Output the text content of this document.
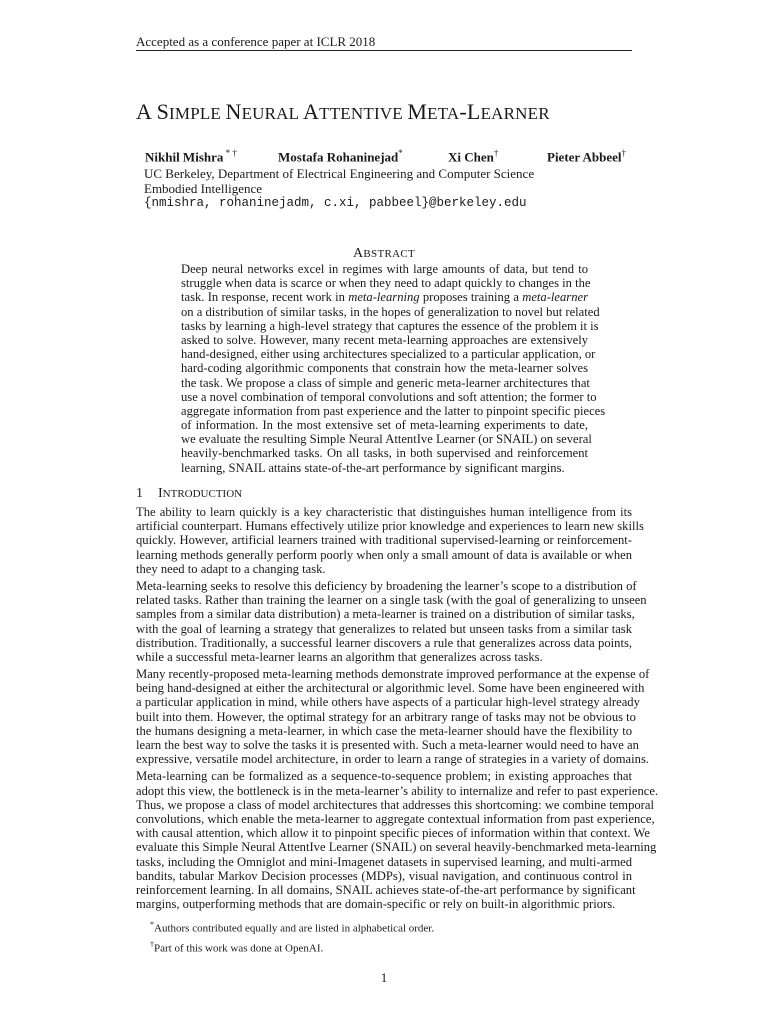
Accepted as a conference paper at ICLR 2018
A SIMPLE NEURAL ATTENTIVE META-LEARNER
Nikhil Mishra * †	Mostafa Rohaninejad*	Xi Chen†	Pieter Abbeel†
UC Berkeley, Department of Electrical Engineering and Computer Science
Embodied Intelligence
{nmishra, rohaninejadm, c.xi, pabbeel}@berkeley.edu
ABSTRACT
Deep neural networks excel in regimes with large amounts of data, but tend to
struggle when data is scarce or when they need to adapt quickly to changes in the
task. In response, recent work in meta-learning proposes training a meta-learner
on a distribution of similar tasks, in the hopes of generalization to novel but related
tasks by learning a high-level strategy that captures the essence of the problem it is
asked to solve. However, many recent meta-learning approaches are extensively
hand-designed, either using architectures specialized to a particular application, or
hard-coding algorithmic components that constrain how the meta-learner solves
the task. We propose a class of simple and generic meta-learner architectures that
use a novel combination of temporal convolutions and soft attention; the former to
aggregate information from past experience and the latter to pinpoint specific pieces
of information. In the most extensive set of meta-learning experiments to date,
we evaluate the resulting Simple Neural AttentIve Learner (or SNAIL) on several
heavily-benchmarked tasks. On all tasks, in both supervised and reinforcement
learning, SNAIL attains state-of-the-art performance by significant margins.
1 INTRODUCTION
The ability to learn quickly is a key characteristic that distinguishes human intelligence from its
artificial counterpart. Humans effectively utilize prior knowledge and experiences to learn new skills
quickly. However, artificial learners trained with traditional supervised-learning or reinforcement-
learning methods generally perform poorly when only a small amount of data is available or when
they need to adapt to a changing task.
Meta-learning seeks to resolve this deficiency by broadening the learner’s scope to a distribution of
related tasks. Rather than training the learner on a single task (with the goal of generalizing to unseen
samples from a similar data distribution) a meta-learner is trained on a distribution of similar tasks,
with the goal of learning a strategy that generalizes to related but unseen tasks from a similar task
distribution. Traditionally, a successful learner discovers a rule that generalizes across data points,
while a successful meta-learner learns an algorithm that generalizes across tasks.
Many recently-proposed meta-learning methods demonstrate improved performance at the expense of
being hand-designed at either the architectural or algorithmic level. Some have been engineered with
a particular application in mind, while others have aspects of a particular high-level strategy already
built into them. However, the optimal strategy for an arbitrary range of tasks may not be obvious to
the humans designing a meta-learner, in which case the meta-learner should have the flexibility to
learn the best way to solve the tasks it is presented with. Such a meta-learner would need to have an
expressive, versatile model architecture, in order to learn a range of strategies in a variety of domains.
Meta-learning can be formalized as a sequence-to-sequence problem; in existing approaches that
adopt this view, the bottleneck is in the meta-learner’s ability to internalize and refer to past experience.
Thus, we propose a class of model architectures that addresses this shortcoming: we combine temporal
convolutions, which enable the meta-learner to aggregate contextual information from past experience,
with causal attention, which allow it to pinpoint specific pieces of information within that context. We
evaluate this Simple Neural AttentIve Learner (SNAIL) on several heavily-benchmarked meta-learning
tasks, including the Omniglot and mini-Imagenet datasets in supervised learning, and multi-armed
bandits, tabular Markov Decision processes (MDPs), visual navigation, and continuous control in
reinforcement learning. In all domains, SNAIL achieves state-of-the-art performance by significant
margins, outperforming methods that are domain-specific or rely on built-in algorithmic priors.
*Authors contributed equally and are listed in alphabetical order.
†Part of this work was done at OpenAI.
1
